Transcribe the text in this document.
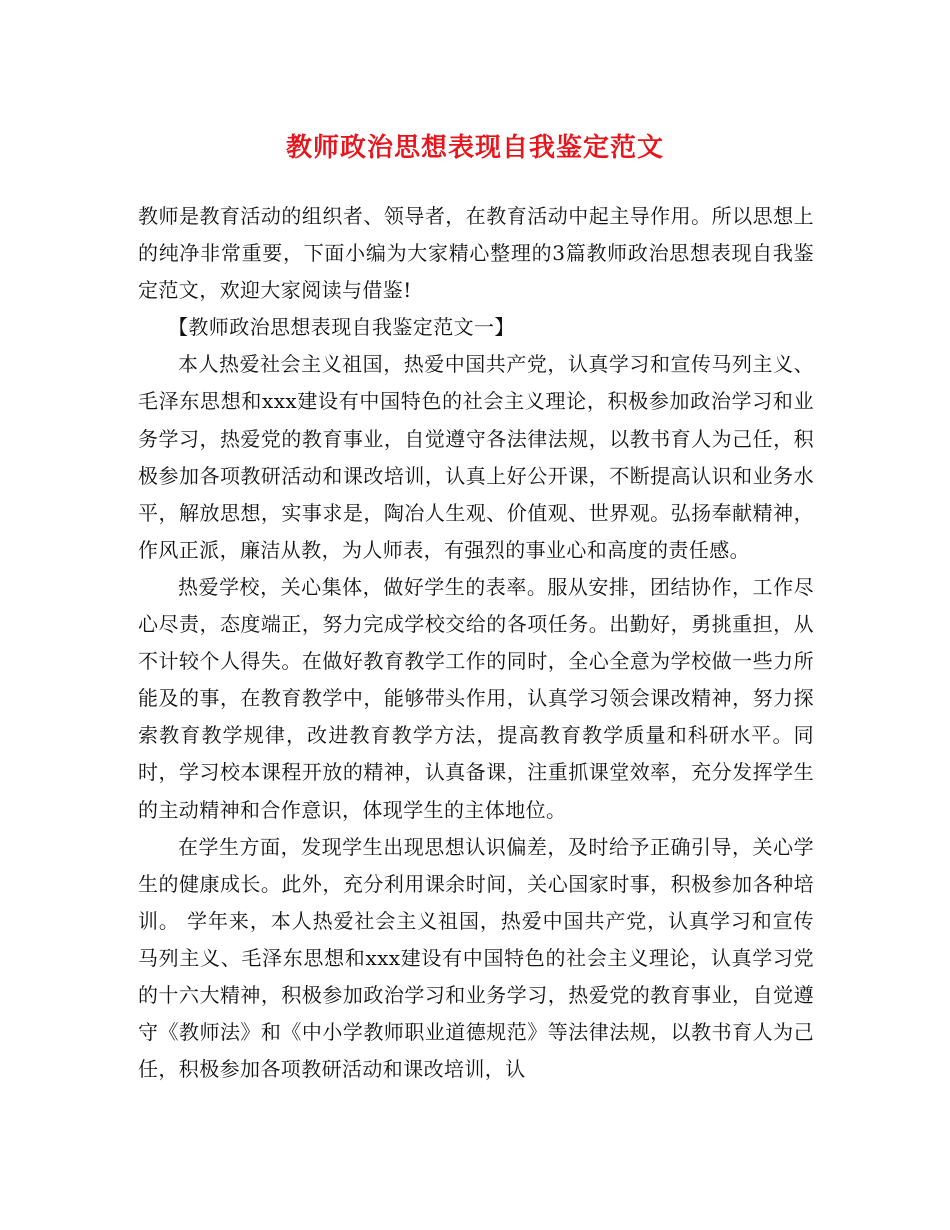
教师政治思想表现自我鉴定范文

教师是教育活动的组织者、领导者，在教育活动中起主导作用。所以思想上的纯净非常重要，下面小编为大家精心整理的3篇教师政治思想表现自我鉴定范文，欢迎大家阅读与借鉴!

【教师政治思想表现自我鉴定范文一】

本人热爱社会主义祖国，热爱中国共产党，认真学习和宣传马列主义、毛泽东思想和xxx建设有中国特色的社会主义理论，积极参加政治学习和业务学习，热爱党的教育事业，自觉遵守各法律法规，以教书育人为己任，积极参加各项教研活动和课改培训，认真上好公开课，不断提高认识和业务水平，解放思想，实事求是，陶冶人生观、价值观、世界观。弘扬奉献精神，作风正派，廉洁从教，为人师表，有强烈的事业心和高度的责任感。

热爱学校，关心集体，做好学生的表率。服从安排，团结协作，工作尽心尽责，态度端正，努力完成学校交给的各项任务。出勤好，勇挑重担，从不计较个人得失。在做好教育教学工作的同时，全心全意为学校做一些力所能及的事，在教育教学中，能够带头作用，认真学习领会课改精神，努力探索教育教学规律，改进教育教学方法，提高教育教学质量和科研水平。同时，学习校本课程开放的精神，认真备课，注重抓课堂效率，充分发挥学生的主动精神和合作意识，体现学生的主体地位。

在学生方面，发现学生出现思想认识偏差，及时给予正确引导，关心学生的健康成长。此外，充分利用课余时间，关心国家时事，积极参加各种培训。 学年来，本人热爱社会主义祖国，热爱中国共产党，认真学习和宣传马列主义、毛泽东思想和xxx建设有中国特色的社会主义理论，认真学习党的十六大精神，积极参加政治学习和业务学习，热爱党的教育事业，自觉遵守《教师法》和《中小学教师职业道德规范》等法律法规，以教书育人为己任，积极参加各项教研活动和课改培训，认
